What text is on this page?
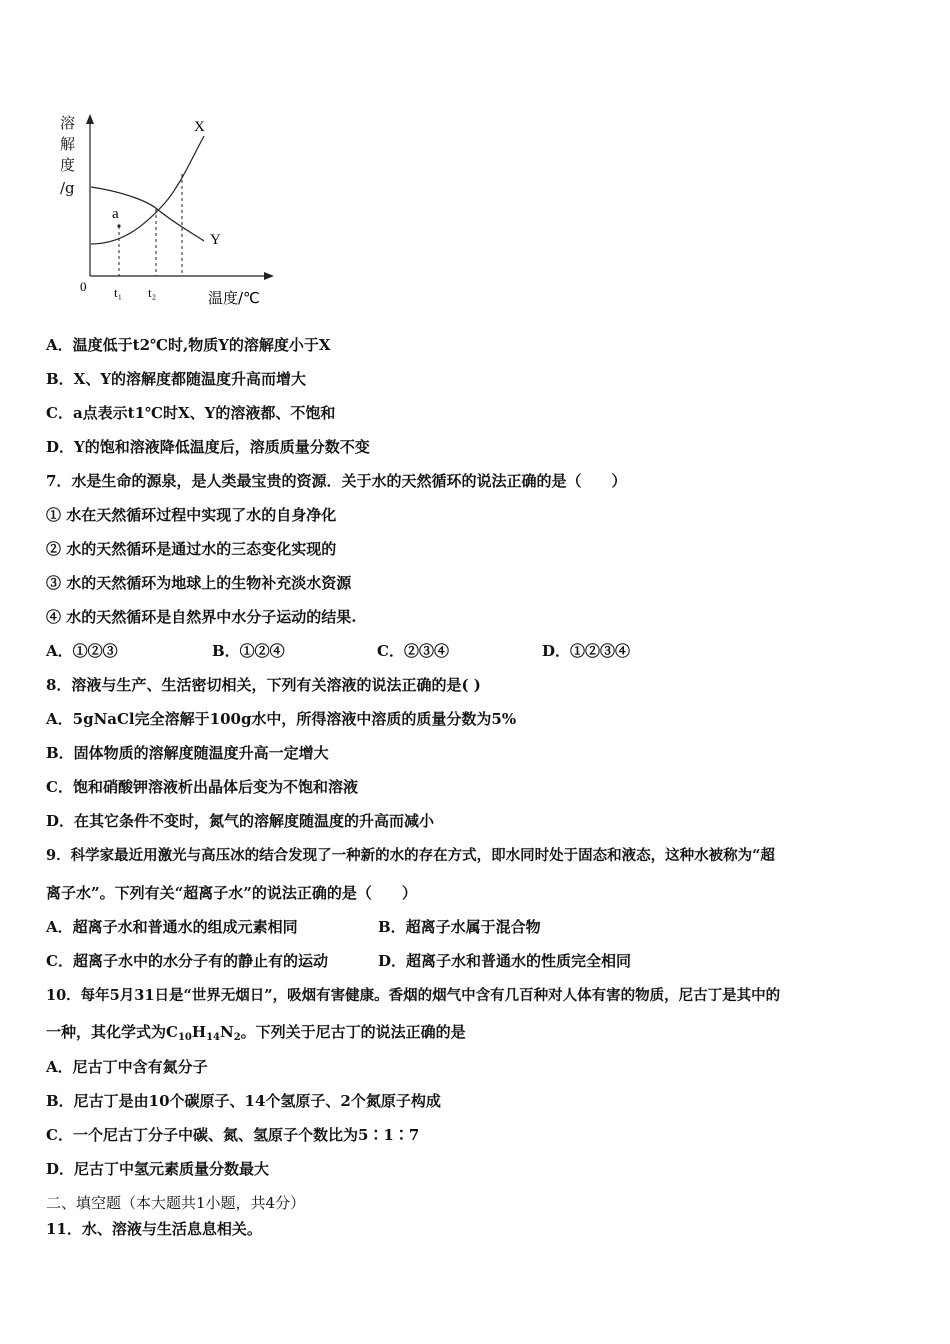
溶
解
度
/g
X
Y
a
0 t₁ t₂	温度/℃
A．温度低于t2℃时,物质Y的溶解度小于X
B．X、Y的溶解度都随温度升高而增大
C．a点表示t1℃时X、Y的溶液都、不饱和
D．Y的饱和溶液降低温度后，溶质质量分数不变
7．水是生命的源泉，是人类最宝贵的资源．关于水的天然循环的说法正确的是（　　）
① 水在天然循环过程中实现了水的自身净化
② 水的天然循环是通过水的三态变化实现的
③ 水的天然循环为地球上的生物补充淡水资源
④ 水的天然循环是自然界中水分子运动的结果.
A．①②③	B．①②④	C．②③④	D．①②③④
8．溶液与生产、生活密切相关，下列有关溶液的说法正确的是( )
A．5gNaCl完全溶解于100g水中，所得溶液中溶质的质量分数为5%
B．固体物质的溶解度随温度升高一定增大
C．饱和硝酸钾溶液析出晶体后变为不饱和溶液
D．在其它条件不变时，氮气的溶解度随温度的升高而减小
9．科学家最近用激光与高压冰的结合发现了一种新的水的存在方式，即水同时处于固态和液态，这种水被称为“超
离子水”。下列有关“超离子水”的说法正确的是（　　）
A．超离子水和普通水的组成元素相同	B．超离子水属于混合物
C．超离子水中的水分子有的静止有的运动	D．超离子水和普通水的性质完全相同
10．每年5月31日是“世界无烟日”，吸烟有害健康。香烟的烟气中含有几百种对人体有害的物质，尼古丁是其中的
一种，其化学式为$C_{10}H_{14}N_2$。下列关于尼古丁的说法正确的是
A．尼古丁中含有氮分子
B．尼古丁是由10个碳原子、14个氢原子、2个氮原子构成
C．一个尼古丁分子中碳、氮、氢原子个数比为5∶1∶7
D．尼古丁中氢元素质量分数最大
二、填空题（本大题共1小题，共4分）
11．水、溶液与生活息息相关。
